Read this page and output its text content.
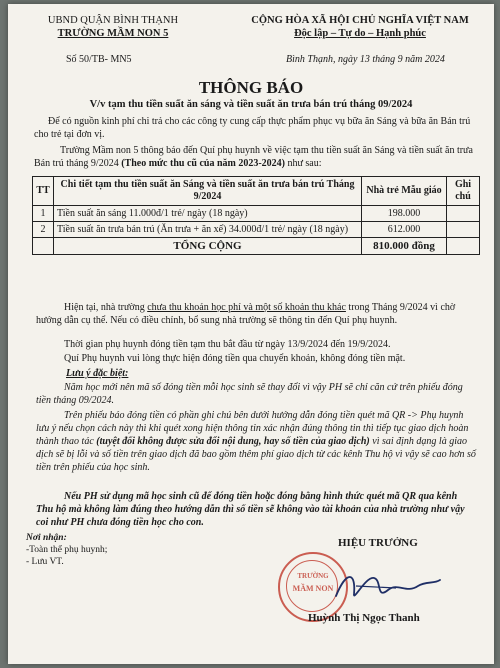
UBND QUẬN BÌNH THẠNH
TRƯỜNG MẦM NON 5
CỘNG HÒA XÃ HỘI CHỦ NGHĨA VIỆT NAM
Độc lập – Tự do – Hạnh phúc
Số 50/TB- MN5	Bình Thạnh, ngày 13 tháng 9 năm 2024
THÔNG BÁO
V/v tạm thu tiền suất ăn sáng và tiền suất ăn trưa bán trú tháng 09/2024
Để có nguồn kinh phí chi trả cho các công ty cung cấp thực phẩm phục vụ bữa ăn Sáng và bữa ăn Bán trú cho trẻ tại đơn vị.
Trường Mầm non 5 thông báo đến Quí phụ huynh về việc tạm thu tiền suất ăn Sáng và tiền suất ăn trưa Bán trú tháng 9/2024 (Theo mức thu cũ của năm 2023-2024) như sau:
TT	Chi tiết tạm thu tiền suất ăn Sáng và tiền suất ăn trưa bán trú Tháng 9/2024	Nhà trẻ Mẫu giáo	Ghi chú
1	Tiền suất ăn sáng 11.000đ/1 trẻ/ ngày (18 ngày)	198.000	
2	Tiền suất ăn trưa bán trú (Ăn trưa + ăn xế) 34.000đ/1 trẻ/ ngày (18 ngày)	612.000	
	TỔNG CỘNG	810.000 đồng	
Hiện tại, nhà trường chưa thu khoản học phí và một số khoản thu khác trong Tháng 9/2024 vì chờ hướng dẫn cụ thể. Nếu có điều chỉnh, bổ sung nhà trường sẽ thông tin đến Quí phụ huynh.
Thời gian phụ huynh đóng tiền tạm thu bắt đầu từ ngày 13/9/2024 đến 19/9/2024.
Quí Phụ huynh vui lòng thực hiện đóng tiền qua chuyển khoản, không đóng tiền mặt.
Lưu ý đặc biệt:
Năm học mới nên mã số đóng tiền mỗi học sinh sẽ thay đổi vì vậy PH sẽ chỉ căn cứ trên phiếu đóng tiền tháng 09/2024.
Trên phiếu báo đóng tiền có phần ghi chú bên dưới hướng dẫn đóng tiền quét mã QR -> Phụ huynh lưu ý nếu chọn cách này thì khi quét xong hiện thông tin xác nhận đúng thông tin thì tiếp tục giao dịch hoàn thành thao tác (tuyệt đối không được sửa đổi nội dung, hay số tiền của giao dịch) vì sai định dạng là giao dịch sẽ bị lỗi và số tiền trên giao dịch đã bao gồm thêm phí giao dịch từ các kênh Thu hộ vì vậy sẽ cao hơn số tiền trên phiếu của học sinh.
Nếu PH sử dụng mã học sinh cũ để đóng tiền hoặc đóng bằng hình thức quét mã QR qua kênh Thu hộ mà không làm đúng theo hướng dẫn thì số tiền sẽ không vào tài khoản của nhà trường như vậy coi như PH chưa đóng tiền học cho con.
Nơi nhận:
-Toàn thể phụ huynh;
- Lưu VT.
HIỆU TRƯỞNG
TRƯỜNG
MẦM NON
Huỳnh Thị Ngọc Thanh
